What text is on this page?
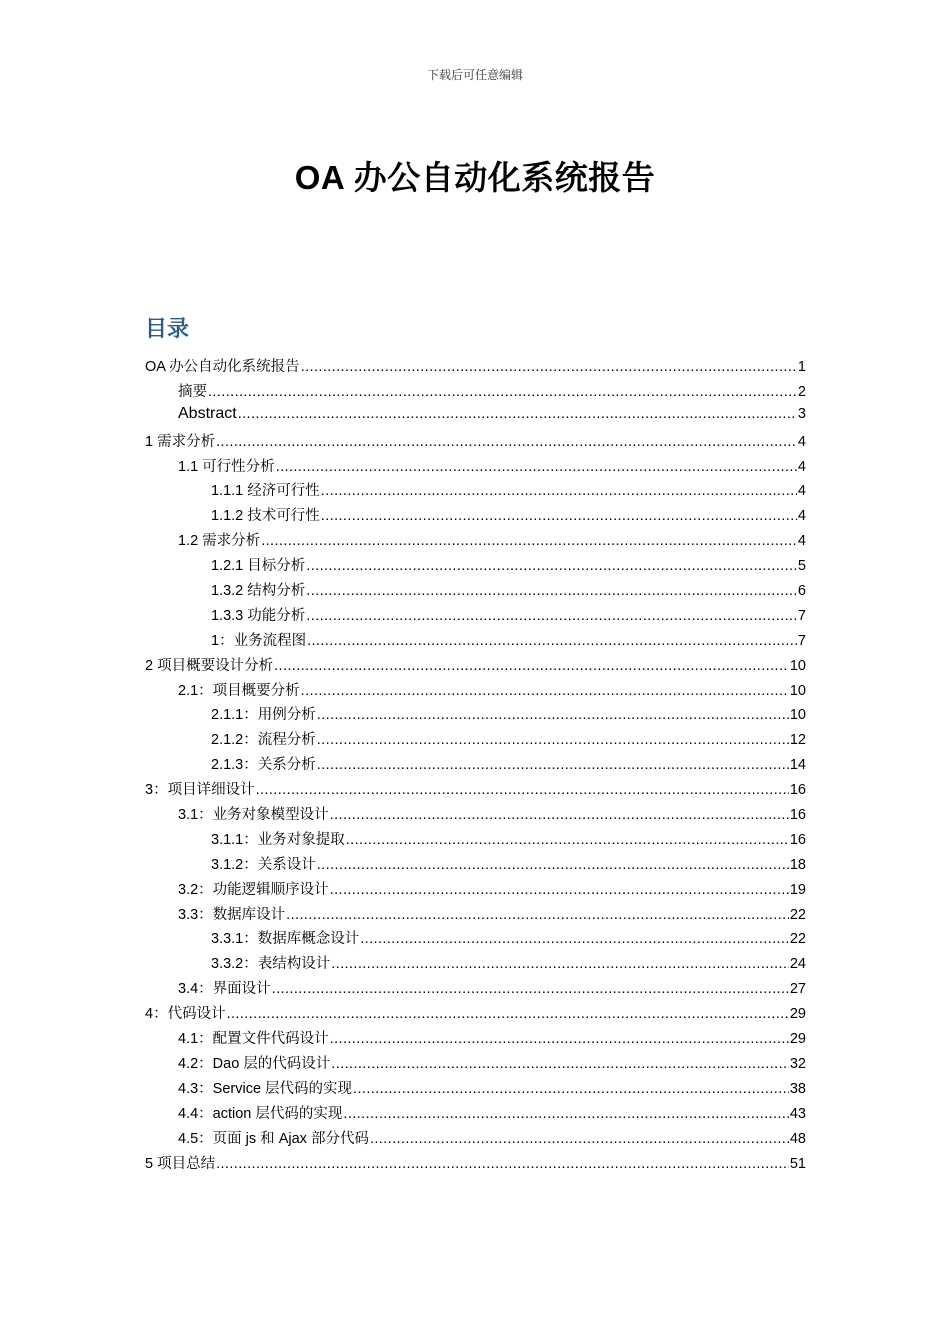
下载后可任意编辑
OA 办公自动化系统报告
目录
OA 办公自动化系统报告 .....	1
摘要 .....	2
Abstract .....	3
1 需求分析 .....	4
1.1 可行性分析 .....	4
1.1.1 经济可行性 .....	4
1.1.2 技术可行性 .....	4
1.2 需求分析 .....	4
1.2.1 目标分析 .....	5
1.3.2 结构分析 .....	6
1.3.3 功能分析 .....	7
1：业务流程图 .....	7
2 项目概要设计分析 .....	10
2.1：项目概要分析 .....	10
2.1.1：用例分析 .....	10
2.1.2：流程分析 .....	12
2.1.3：关系分析 .....	14
3：项目详细设计 .....	16
3.1：业务对象模型设计 .....	16
3.1.1：业务对象提取 .....	16
3.1.2：关系设计 .....	18
3.2：功能逻辑顺序设计 .....	19
3.3：数据库设计 .....	22
3.3.1：数据库概念设计 .....	22
3.3.2：表结构设计 .....	24
3.4：界面设计 .....	27
4：代码设计 .....	29
4.1：配置文件代码设计 .....	29
4.2：Dao 层的代码设计 .....	32
4.3：Service 层代码的实现 .....	38
4.4：action 层代码的实现 .....	43
4.5：页面 js 和 Ajax 部分代码 .....	48
5 项目总结 .....	51
